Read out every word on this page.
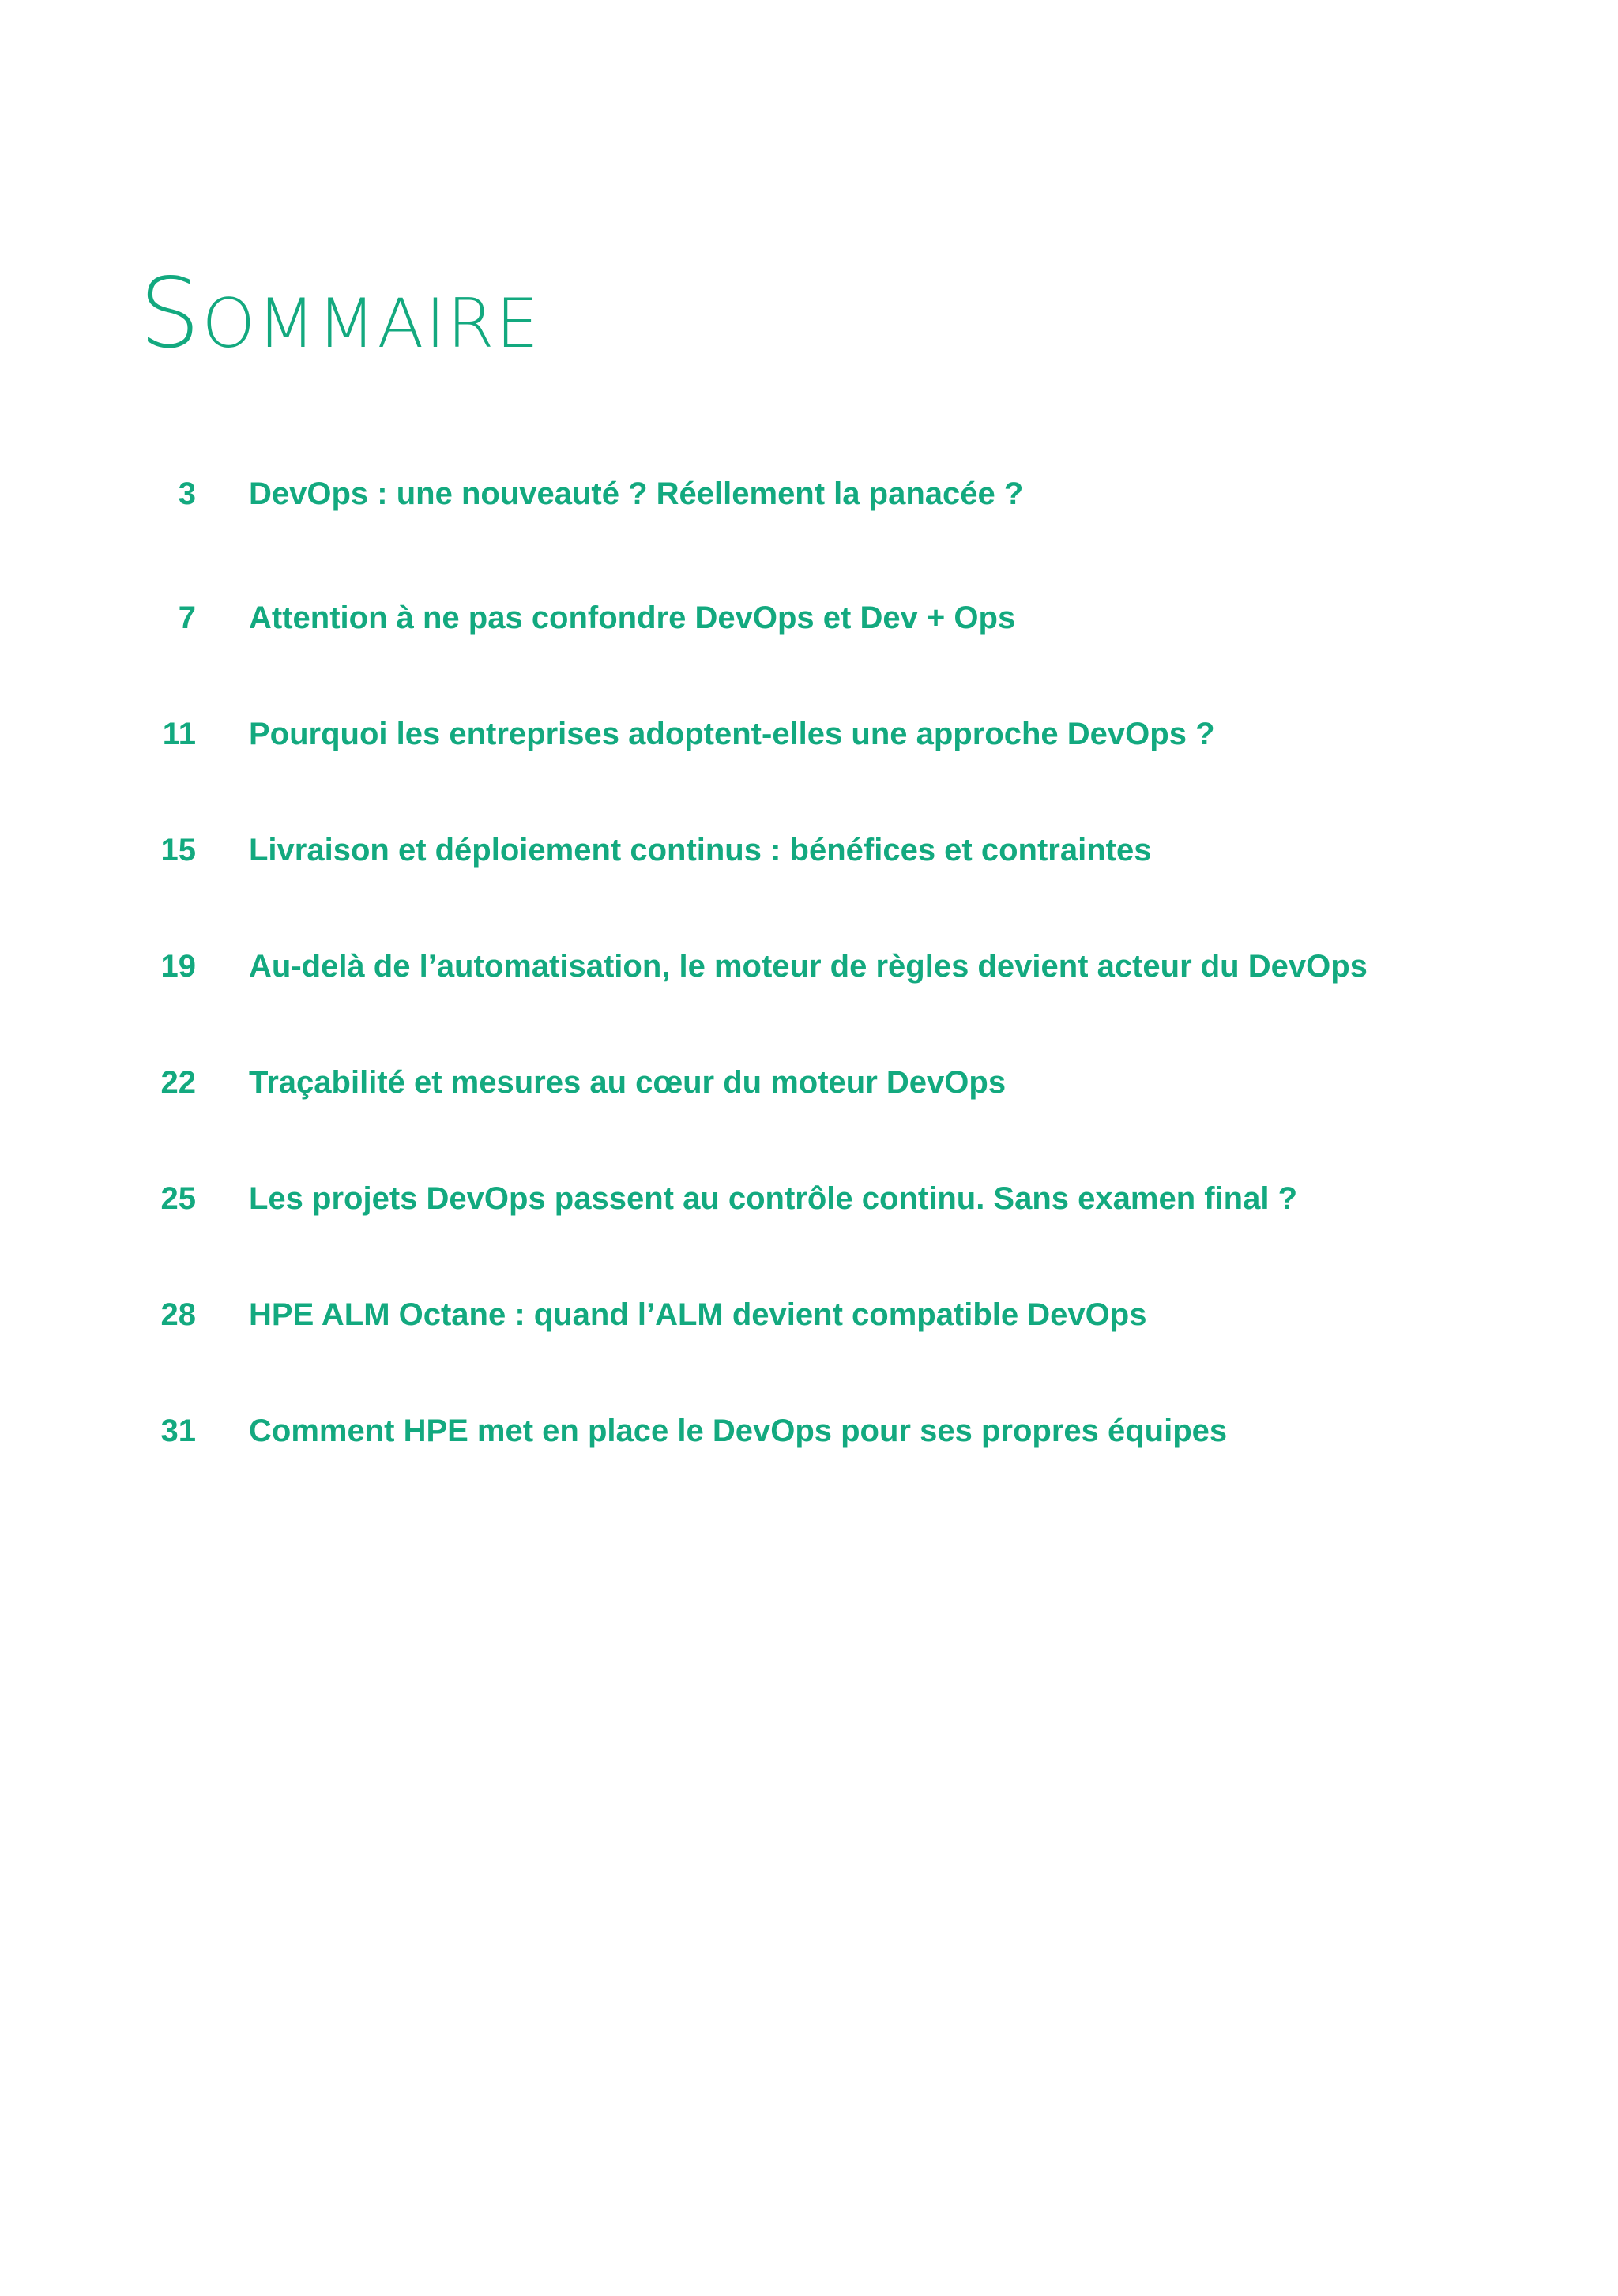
SOMMAIRE
3 DevOps : une nouveauté ? Réellement la panacée ?
7 Attention à ne pas confondre DevOps et Dev + Ops
11 Pourquoi les entreprises adoptent-elles une approche DevOps ?
15 Livraison et déploiement continus : bénéfices et contraintes
19 Au-delà de l’automatisation, le moteur de règles devient acteur du DevOps
22 Traçabilité et mesures au cœur du moteur DevOps
25 Les projets DevOps passent au contrôle continu. Sans examen final ?
28 HPE ALM Octane : quand l’ALM devient compatible DevOps
31 Comment HPE met en place le DevOps pour ses propres équipes
